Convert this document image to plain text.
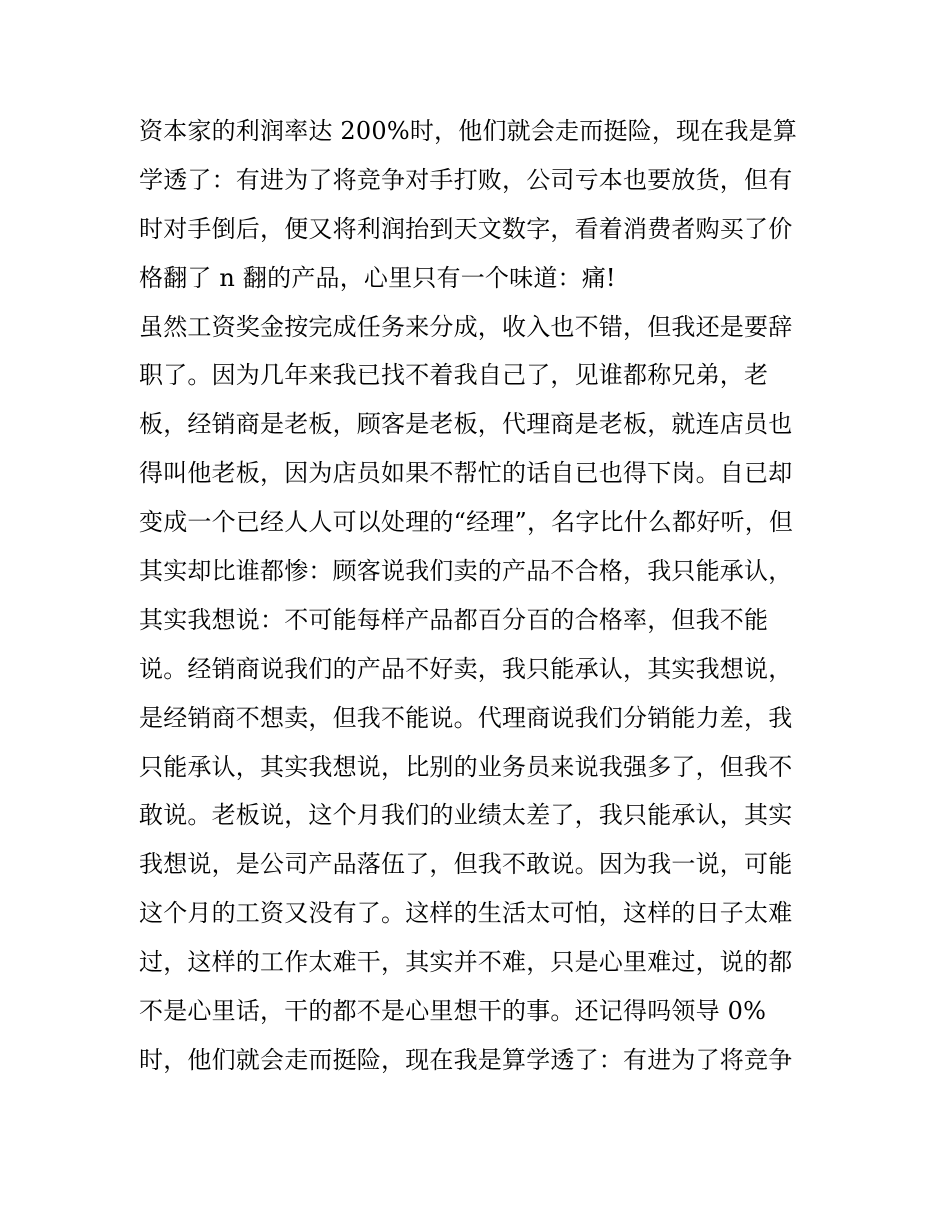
资本家的利润率达 200%时，他们就会走而挺险，现在我是算
学透了：有进为了将竞争对手打败，公司亏本也要放货，但有
时对手倒后，便又将利润抬到天文数字，看着消费者购买了价
格翻了 n 翻的产品，心里只有一个味道：痛!
虽然工资奖金按完成任务来分成，收入也不错，但我还是要辞
职了。因为几年来我已找不着我自己了，见谁都称兄弟，老
板，经销商是老板，顾客是老板，代理商是老板，就连店员也
得叫他老板，因为店员如果不帮忙的话自已也得下岗。自已却
变成一个已经人人可以处理的“经理”，名字比什么都好听，但
其实却比谁都惨：顾客说我们卖的产品不合格，我只能承认，
其实我想说：不可能每样产品都百分百的合格率，但我不能
说。经销商说我们的产品不好卖，我只能承认，其实我想说，
是经销商不想卖，但我不能说。代理商说我们分销能力差，我
只能承认，其实我想说，比别的业务员来说我强多了，但我不
敢说。老板说，这个月我们的业绩太差了，我只能承认，其实
我想说，是公司产品落伍了，但我不敢说。因为我一说，可能
这个月的工资又没有了。这样的生活太可怕，这样的日子太难
过，这样的工作太难干，其实并不难，只是心里难过，说的都
不是心里话，干的都不是心里想干的事。还记得吗领导 0%
时，他们就会走而挺险，现在我是算学透了：有进为了将竞争
